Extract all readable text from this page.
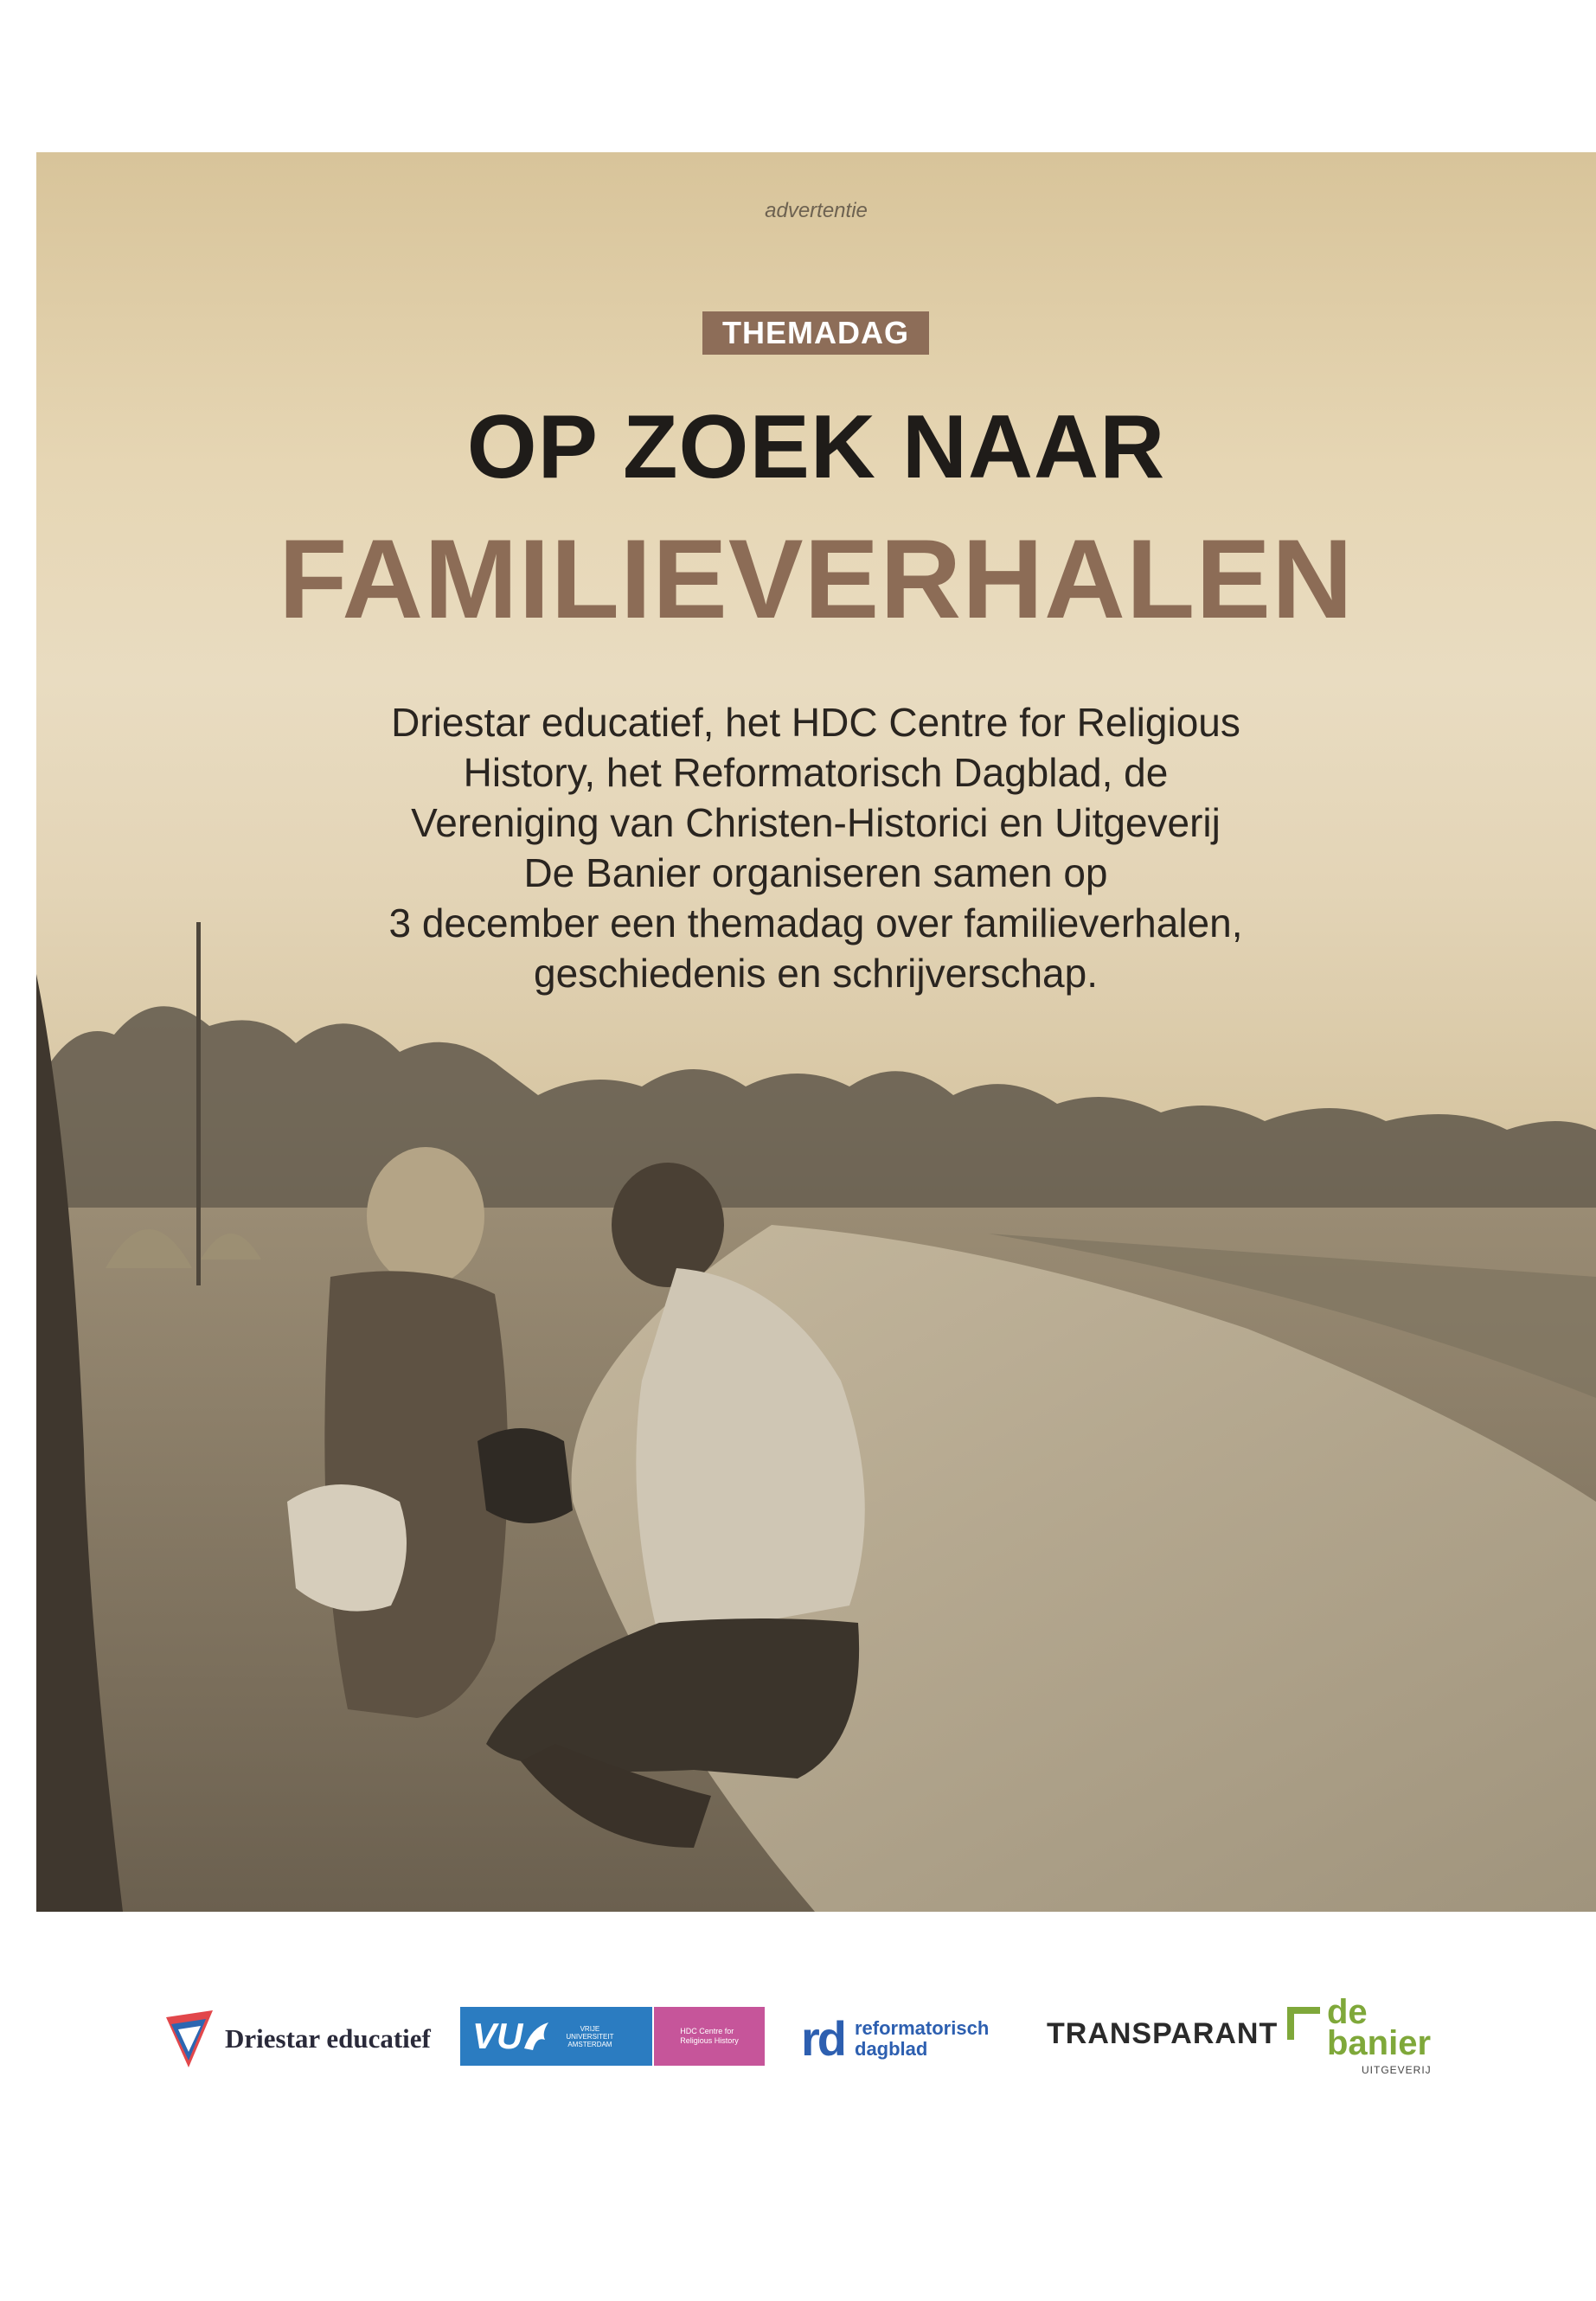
advertentie
THEMADAG
OP ZOEK NAAR
FAMILIEVERHALEN
Driestar educatief, het HDC Centre for Religious
History, het Reformatorisch Dagblad, de
Vereniging van Christen-Historici en Uitgeverij
De Banier organiseren samen op
3 december een themadag over familieverhalen,
geschiedenis en schrijverschap.
Driestar educatief VU	VRIJE
UNIVERSITEIT
AMSTERDAM
HDC Centre for
Religious History rd reformatorisch
dagblad	TRANSPARANT
de
banier
UITGEVERIJ
